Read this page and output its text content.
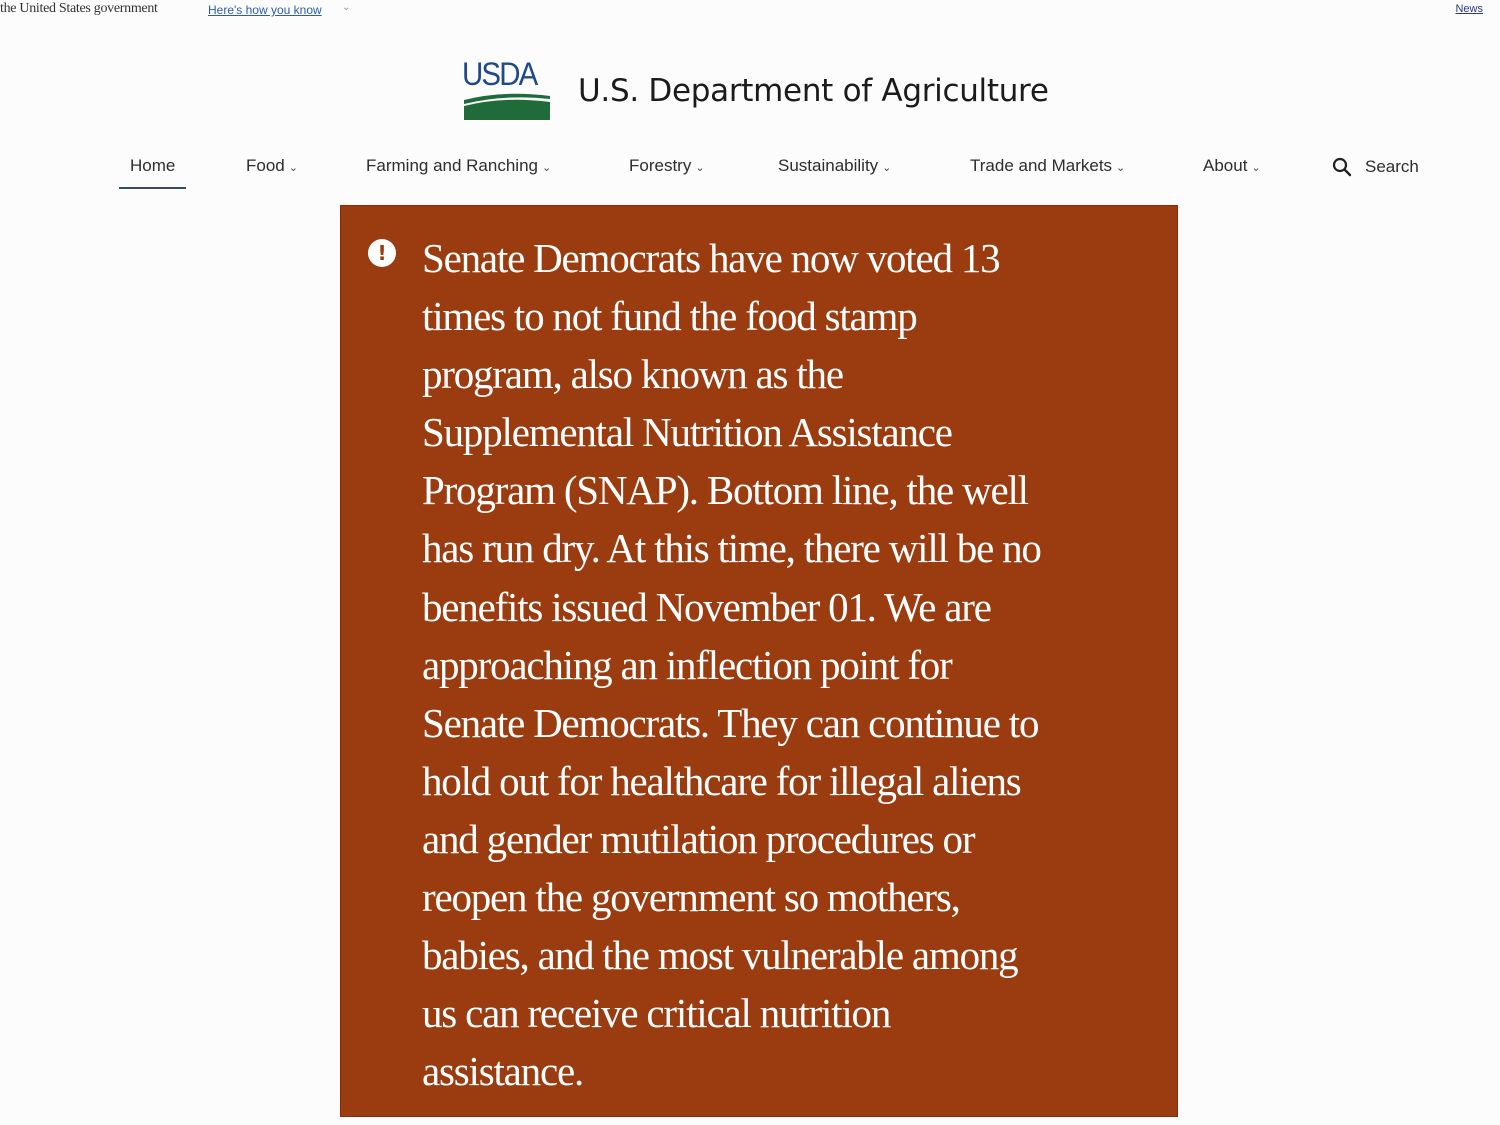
the United States government	Here's how you know ⌄	News
USDA U.S. Department of Agriculture
Home	Food ⌄	Farming and Ranching ⌄	Forestry ⌄	Sustainability ⌄	Trade and Markets ⌄	About ⌄	Search
! Senate Democrats have now voted 13
times to not fund the food stamp
program, also known as the
Supplemental Nutrition Assistance
Program (SNAP). Bottom line, the well
has run dry. At this time, there will be no
benefits issued November 01. We are
approaching an inflection point for
Senate Democrats. They can continue to
hold out for healthcare for illegal aliens
and gender mutilation procedures or
reopen the government so mothers,
babies, and the most vulnerable among
us can receive critical nutrition
assistance.
